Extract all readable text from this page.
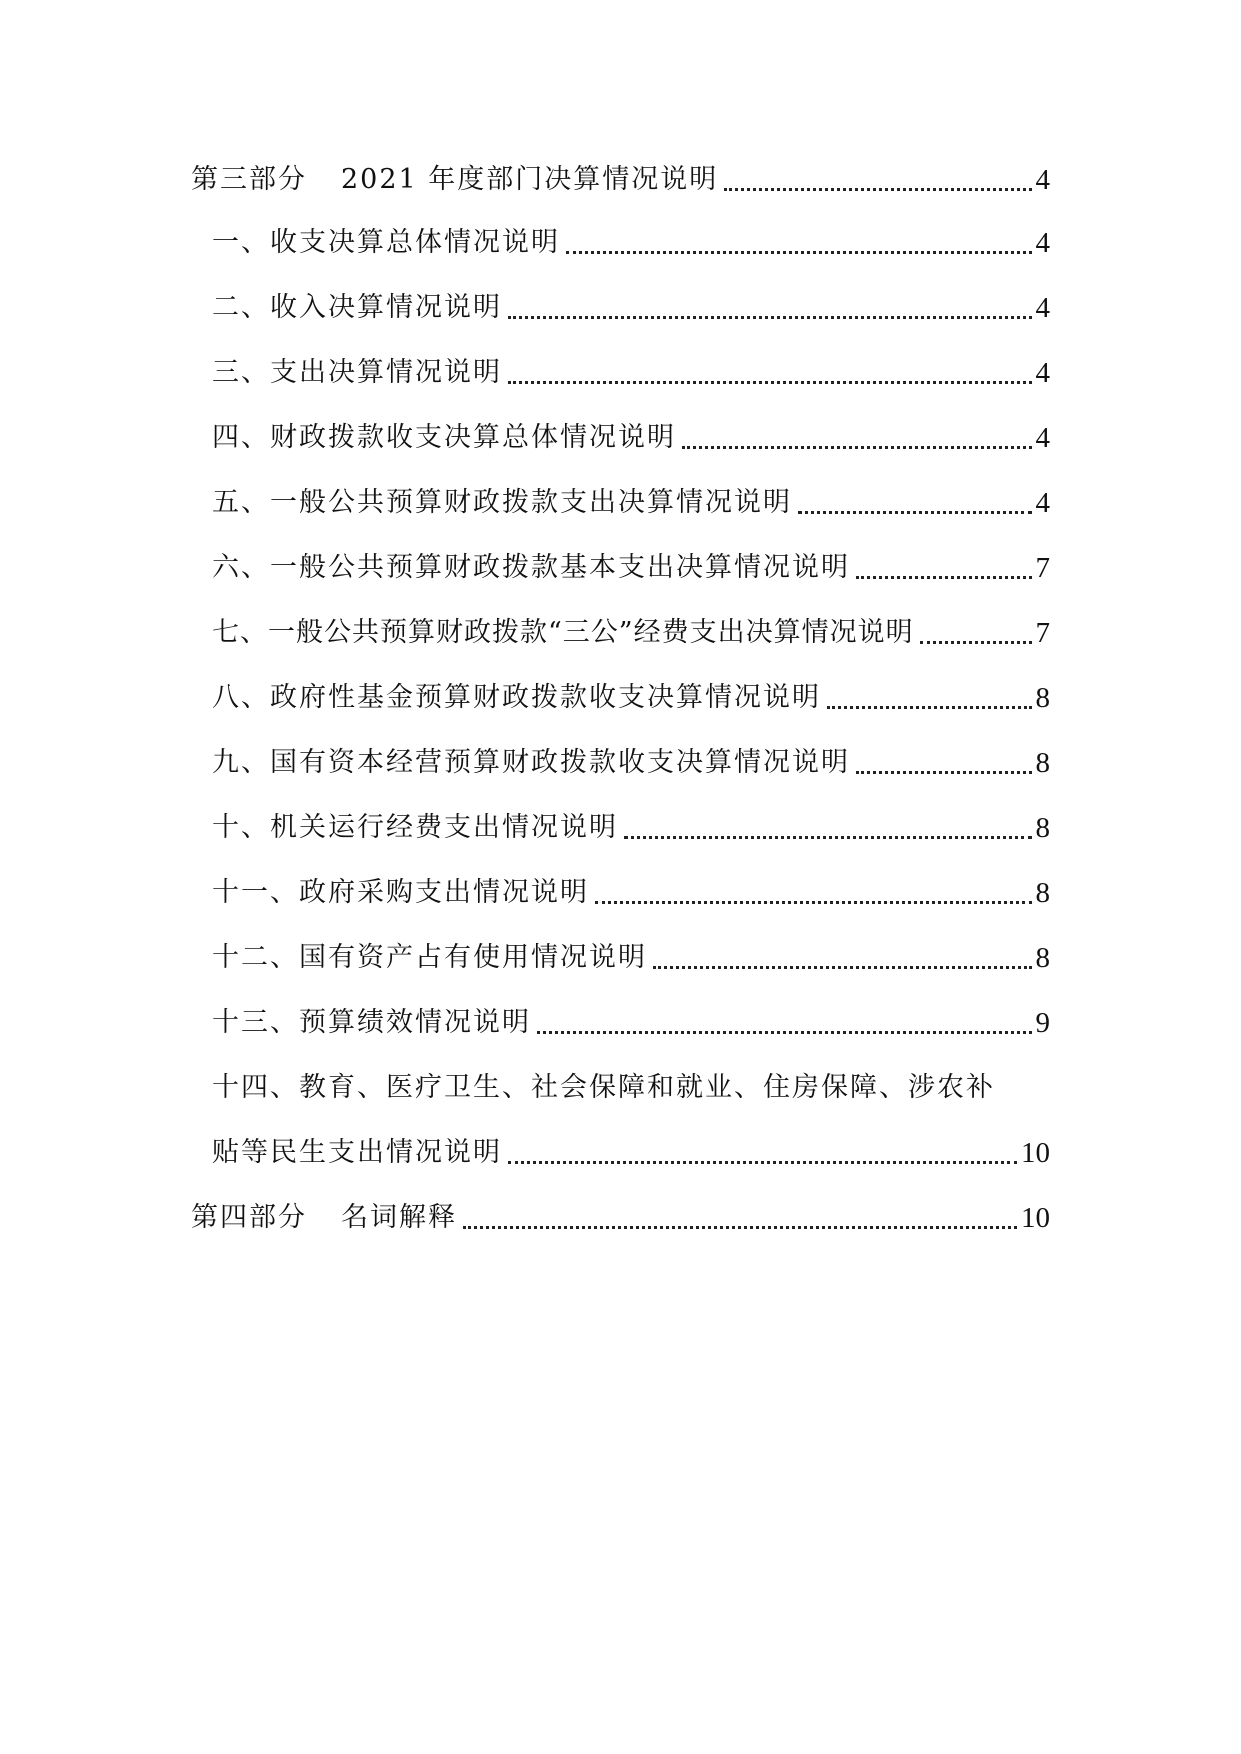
第三部分 2021 年度部门决算情况说明	4
一、收支决算总体情况说明	4
二、收入决算情况说明	4
三、支出决算情况说明	4
四、财政拨款收支决算总体情况说明	4
五、一般公共预算财政拨款支出决算情况说明	4
六、一般公共预算财政拨款基本支出决算情况说明	7
七、一般公共预算财政拨款“三公”经费支出决算情况说明	7
八、政府性基金预算财政拨款收支决算情况说明	8
九、国有资本经营预算财政拨款收支决算情况说明	8
十、机关运行经费支出情况说明	8
十一、政府采购支出情况说明	8
十二、国有资产占有使用情况说明	8
十三、预算绩效情况说明	9
十四、教育、医疗卫生、社会保障和就业、住房保障、涉农补
贴等民生支出情况说明	10
第四部分 名词解释	10
